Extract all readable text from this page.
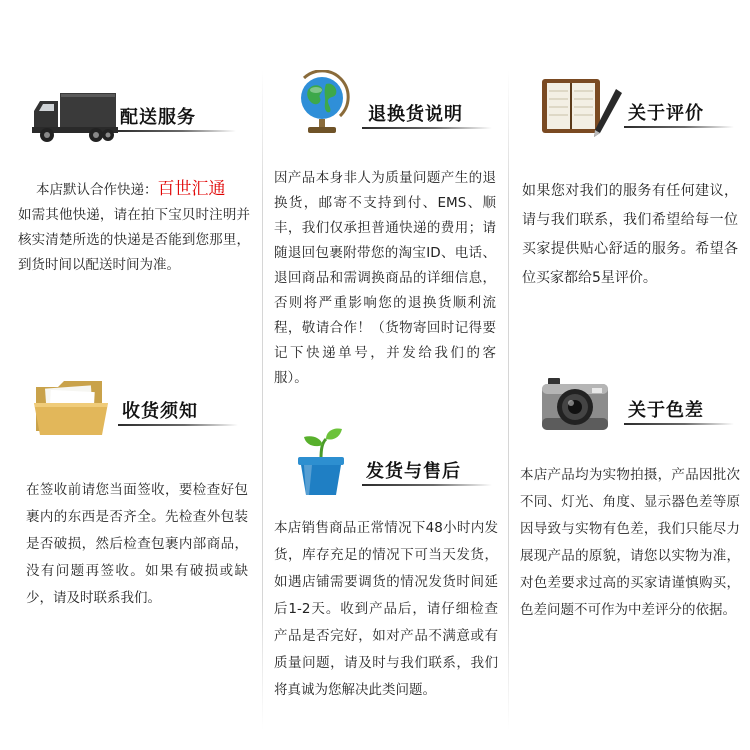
配送服务
本店默认合作快递：百世汇通
如需其他快递，请在拍下宝贝时注明并核实清楚所选的快递是否能到您那里，到货时间以配送时间为准。
退换货说明
因产品本身非人为质量问题产生的退换货，邮寄不支持到付、EMS、顺丰，我们仅承担普通快递的费用；请随退回包裹附带您的淘宝ID、电话、退回商品和需调换商品的详细信息，否则将严重影响您的退换货顺利流程，敬请合作！（货物寄回时记得要记下快递单号，并发给我们的客服）。
关于评价
如果您对我们的服务有任何建议，请与我们联系，我们希望给每一位买家提供贴心舒适的服务。希望各位买家都给5星评价。
收货须知
在签收前请您当面签收，要检查好包裹内的东西是否齐全。先检查外包装是否破损，然后检查包裹内部商品，没有问题再签收。如果有破损或缺少，请及时联系我们。
发货与售后
本店销售商品正常情况下48小时内发货，库存充足的情况下可当天发货，如遇店铺需要调货的情况发货时间延后1-2天。收到产品后，请仔细检查产品是否完好，如对产品不满意或有质量问题，请及时与我们联系，我们将真诚为您解决此类问题。
关于色差
本店产品均为实物拍摄，产品因批次不同、灯光、角度、显示器色差等原因导致与实物有色差，我们只能尽力展现产品的原貌，请您以实物为准，对色差要求过高的买家请谨慎购买，色差问题不可作为中差评分的依据。
